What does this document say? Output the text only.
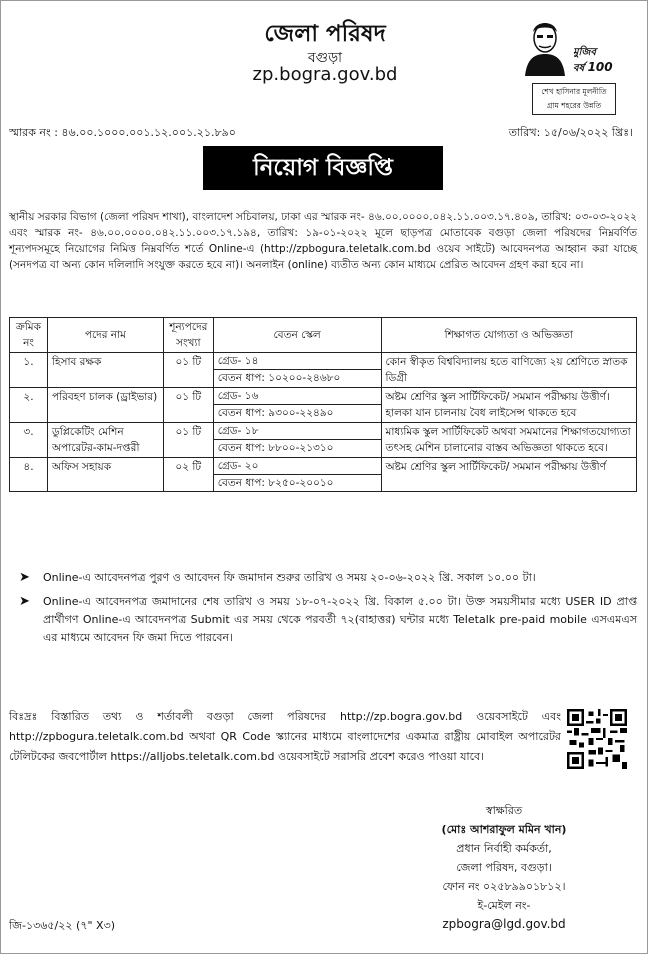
জেলা পরিষদ
বগুড়া
zp.bogra.gov.bd
মুজিব
বর্ষ 100
শেখ হাসিনার মূলনীতি
গ্রাম শহরের উন্নতি
স্মারক নং : ৪৬.০০.১০০০.০০১.১২.০০১.২১.৮৯০	তারিখ: ১৫/০৬/২০২২ খ্রিঃ।
নিয়োগ বিজ্ঞপ্তি

স্থানীয় সরকার বিভাগ (জেলা পরিষদ শাখা), বাংলাদেশ সচিবালয়, ঢাকা এর স্মারক নং- ৪৬.০০.০০০০.০৪২.১১.০০৩.১৭.৪০৯, তারিখ: ০৩-০৩-২০২২ এবং স্মারক নং- ৪৬.০০.০০০০.০৪২.১১.০০৩.১৭.১৯৪, তারিখ: ১৯-০১-২০২২ মূলে ছাড়পত্র মোতাবেক বগুড়া জেলা পরিষদের নিম্নবর্ণিত শূন্যপদসমূহে নিয়োগের নিমিত্ত নিম্নবর্ণিত শর্তে Online-এ (http://zpbogura.teletalk.com.bd ওয়েব সাইটে) আবেদনপত্র আহ্বান করা যাচ্ছে (সনদপত্র বা অন্য কোন দলিলাদি সংযুক্ত করতে হবে না)। অনলাইন (online) ব্যতীত অন্য কোন মাধ্যমে প্রেরিত আবেদন গ্রহণ করা হবে না।

ক্রমিক নং	পদের নাম	শূন্যপদের সংখ্যা	বেতন স্কেল	শিক্ষাগত যোগ্যতা ও অভিজ্ঞতা
১.	হিসাব রক্ষক	০১ টি	গ্রেড- ১৪
বেতন ধাপ: ১০২০০-২৪৬৮০	কোন স্বীকৃত বিশ্ববিদ্যালয় হতে বাণিজ্যে ২য় শ্রেণিতে স্নাতক ডিগ্রী
২.	পরিবহণ চালক (ড্রাইভার)	০১ টি	গ্রেড- ১৬
বেতন ধাপ: ৯৩০০-২২৪৯০	অষ্টম শ্রেণির স্কুল সার্টিফিকেট/ সমমান পরীক্ষায় উত্তীর্ণ। হালকা যান চালনায় বৈধ লাইসেন্স থাকতে হবে
৩.	ডুপ্লিকেটিং মেশিন অপারেটর-কাম-দপ্তরী	০১ টি	গ্রেড- ১৮
বেতন ধাপ: ৮৮০০-২১৩১০	মাধ্যমিক স্কুল সার্টিফিকেট অথবা সমমানের শিক্ষাগতযোগ্যতা তৎসহ মেশিন চালানোর বাস্তব অভিজ্ঞতা থাকতে হবে।
৪.	অফিস সহায়ক	০২ টি	গ্রেড- ২০
বেতন ধাপ: ৮২৫০-২০০১০	অষ্টম শ্রেণির স্কুল সার্টিফিকেট/ সমমান পরীক্ষায় উত্তীর্ণ
➤ Online-এ আবেদনপত্র পুরণ ও আবেদন ফি জমাদান শুরুর তারিখ ও সময় ২০-০৬-২০২২ খ্রি. সকাল ১০.০০ টা।
➤ Online-এ আবেদনপত্র জমাদানের শেষ তারিখ ও সময় ১৮-০৭-২০২২ খ্রি. বিকাল ৫.০০ টা। উক্ত সময়সীমার মধ্যে USER ID প্রাপ্ত প্রার্থীগণ Online-এ আবেদনপত্র Submit এর সময় থেকে পরবর্তী ৭২(বাহাত্তর) ঘন্টার মধ্যে Teletalk pre-paid mobile এসএমএস এর মাধ্যমে আবেদন ফি জমা দিতে পারবেন।

বিঃদ্রঃ বিস্তারিত তথ্য ও শর্তাবলী বগুড়া জেলা পরিষদের http://zp.bogra.gov.bd ওয়েবসাইটে এবং http://zpbogura.teletalk.com.bd অথবা QR Code স্ক্যানের মাধ্যমে বাংলাদেশের একমাত্র রাষ্ট্রীয় মোবাইল অপারেটর টেলিটকের জবপোর্টাল https://alljobs.teletalk.com.bd ওয়েবসাইটে সরাসরি প্রবেশ করেও পাওয়া যাবে।

স্বাক্ষরিত
(মোঃ আশরাফুল মমিন খান)
প্রধান নির্বাহী কর্মকর্তা,
জেলা পরিষদ, বগুড়া।
ফোন নং ০২৫৮৯৯০১৮১২।
ই-মেইল নং-
zpbogra@lgd.gov.bd
জি-১৩৬৫/২২ (৭" X৩)
